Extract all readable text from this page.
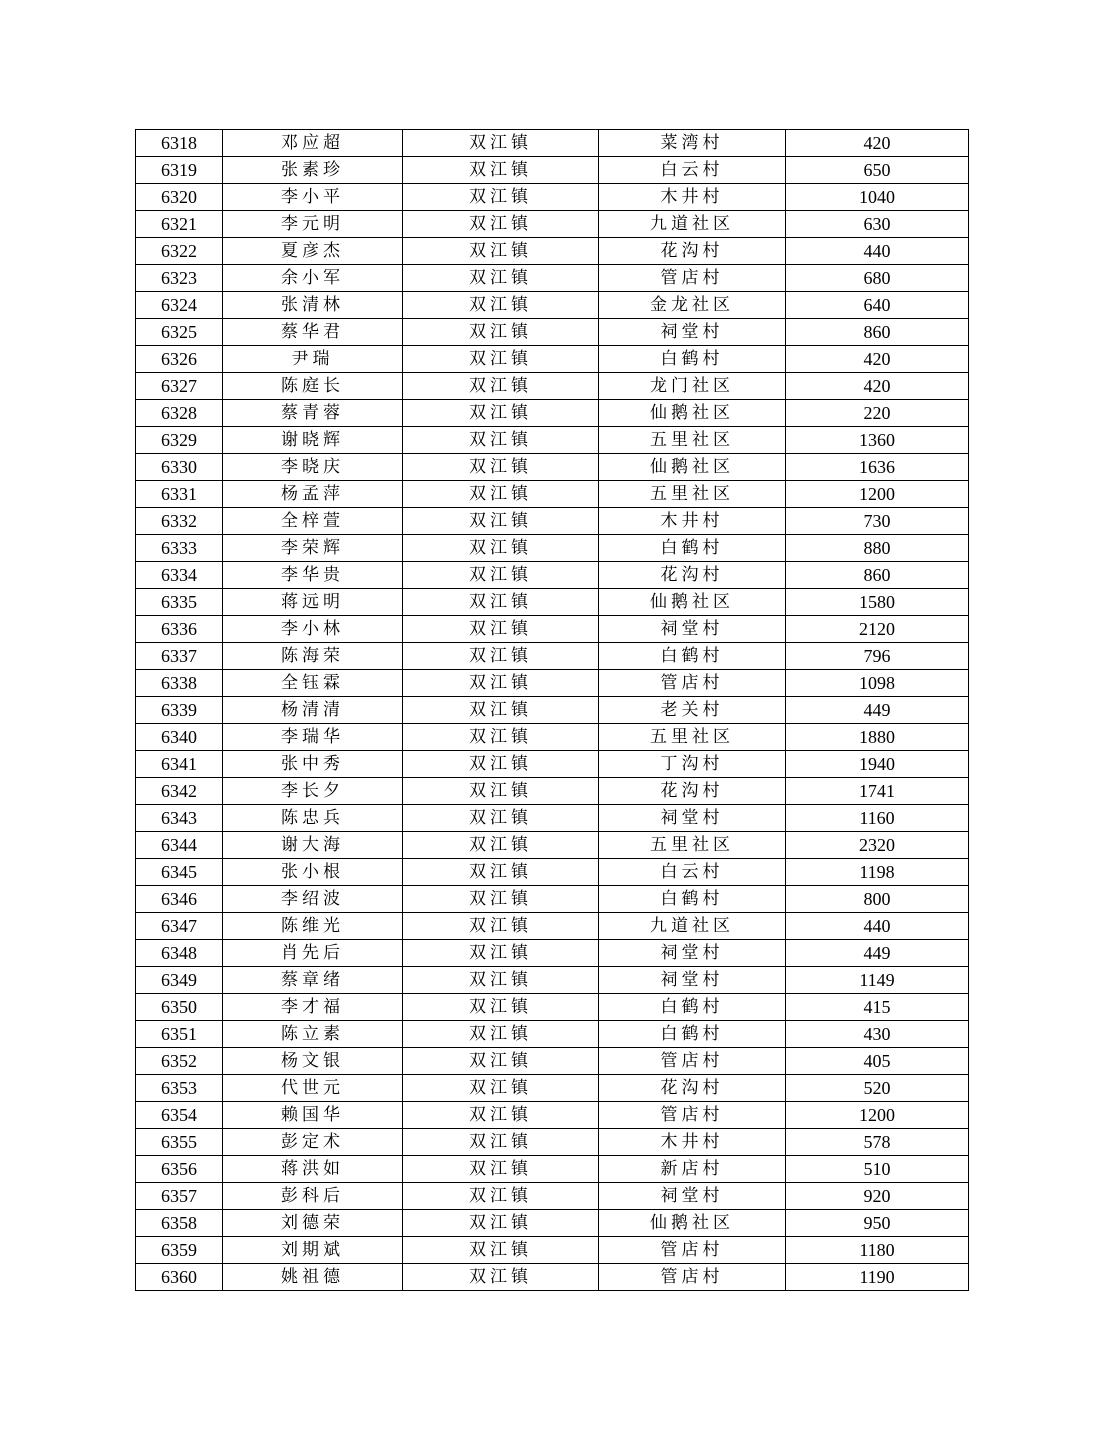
6318	邓应超	双江镇	菜湾村	420
6319	张素珍	双江镇	白云村	650
6320	李小平	双江镇	木井村	1040
6321	李元明	双江镇	九道社区	630
6322	夏彦杰	双江镇	花沟村	440
6323	余小军	双江镇	管店村	680
6324	张清林	双江镇	金龙社区	640
6325	蔡华君	双江镇	祠堂村	860
6326	尹瑞	双江镇	白鹤村	420
6327	陈庭长	双江镇	龙门社区	420
6328	蔡青蓉	双江镇	仙鹅社区	220
6329	谢晓辉	双江镇	五里社区	1360
6330	李晓庆	双江镇	仙鹅社区	1636
6331	杨孟萍	双江镇	五里社区	1200
6332	全梓萱	双江镇	木井村	730
6333	李荣辉	双江镇	白鹤村	880
6334	李华贵	双江镇	花沟村	860
6335	蒋远明	双江镇	仙鹅社区	1580
6336	李小林	双江镇	祠堂村	2120
6337	陈海荣	双江镇	白鹤村	796
6338	全钰霖	双江镇	管店村	1098
6339	杨清清	双江镇	老关村	449
6340	李瑞华	双江镇	五里社区	1880
6341	张中秀	双江镇	丁沟村	1940
6342	李长夕	双江镇	花沟村	1741
6343	陈忠兵	双江镇	祠堂村	1160
6344	谢大海	双江镇	五里社区	2320
6345	张小根	双江镇	白云村	1198
6346	李绍波	双江镇	白鹤村	800
6347	陈维光	双江镇	九道社区	440
6348	肖先后	双江镇	祠堂村	449
6349	蔡章绪	双江镇	祠堂村	1149
6350	李才福	双江镇	白鹤村	415
6351	陈立素	双江镇	白鹤村	430
6352	杨文银	双江镇	管店村	405
6353	代世元	双江镇	花沟村	520
6354	赖国华	双江镇	管店村	1200
6355	彭定术	双江镇	木井村	578
6356	蒋洪如	双江镇	新店村	510
6357	彭科后	双江镇	祠堂村	920
6358	刘德荣	双江镇	仙鹅社区	950
6359	刘期斌	双江镇	管店村	1180
6360	姚祖德	双江镇	管店村	1190
